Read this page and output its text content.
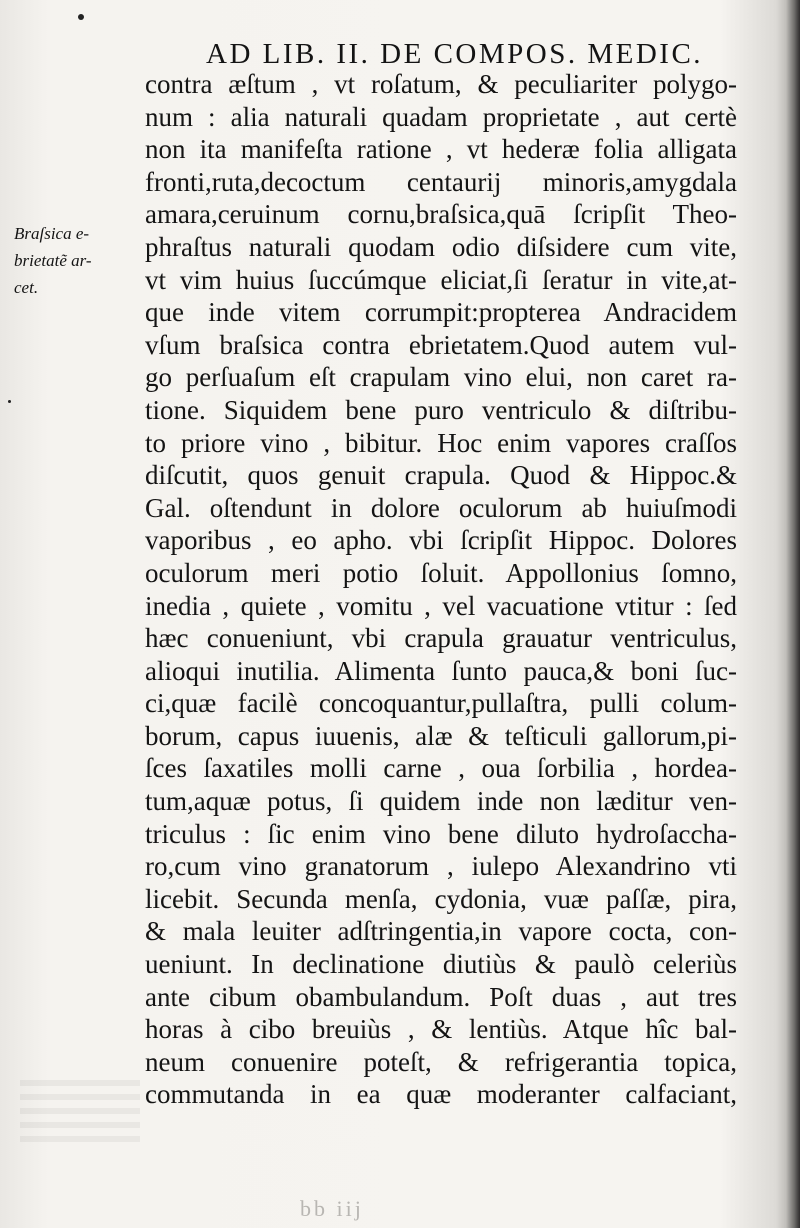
AD LIB. II. DE COMPOS. MEDIC.
Braſsica e-
brietatẽ ar-
cet.
contra æſtum , vt roſatum, & peculiariter polygo-
num : alia naturali quadam proprietate , aut certè
non ita manifeſta ratione , vt hederæ folia alligata
fronti,ruta,decoctum centaurij minoris,amygdala
amara,ceruinum cornu,braſsica,quā ſcripſit Theo-
phraſtus naturali quodam odio diſsidere cum vite,
vt vim huius ſuccúmque eliciat,ſi ſeratur in vite,at-
que inde vitem corrumpit:propterea Andracidem
vſum braſsica contra ebrietatem.Quod autem vul-
go perſuaſum eſt crapulam vino elui, non caret ra-
tione. Siquidem bene puro ventriculo & diſtribu-
to priore vino , bibitur. Hoc enim vapores craſſos
diſcutit, quos genuit crapula. Quod & Hippoc.&
Gal. oſtendunt in dolore oculorum ab huiuſmodi
vaporibus , eo apho. vbi ſcripſit Hippoc. Dolores
oculorum meri potio ſoluit. Appollonius ſomno,
inedia , quiete , vomitu , vel vacuatione vtitur : ſed
hæc conueniunt, vbi crapula grauatur ventriculus,
alioqui inutilia. Alimenta ſunto pauca,& boni ſuc-
ci,quæ facilè concoquantur,pullaſtra, pulli colum-
borum, capus iuuenis, alæ & teſticuli gallorum,pi-
ſces ſaxatiles molli carne , oua ſorbilia , hordea-
tum,aquæ potus, ſi quidem inde non læditur ven-
triculus : ſic enim vino bene diluto hydroſaccha-
ro,cum vino granatorum , iulepo Alexandrino vti
licebit. Secunda menſa, cydonia, vuæ paſſæ, pira,
& mala leuiter adſtringentia,in vapore cocta, con-
ueniunt. In declinatione diutiùs & paulò celeriùs
ante cibum obambulandum. Poſt duas , aut tres
horas à cibo breuiùs , & lentiùs. Atque hîc bal-
neum conuenire poteſt, & refrigerantia topica,
commutanda in ea quæ moderanter calfaciant,
bb iij
